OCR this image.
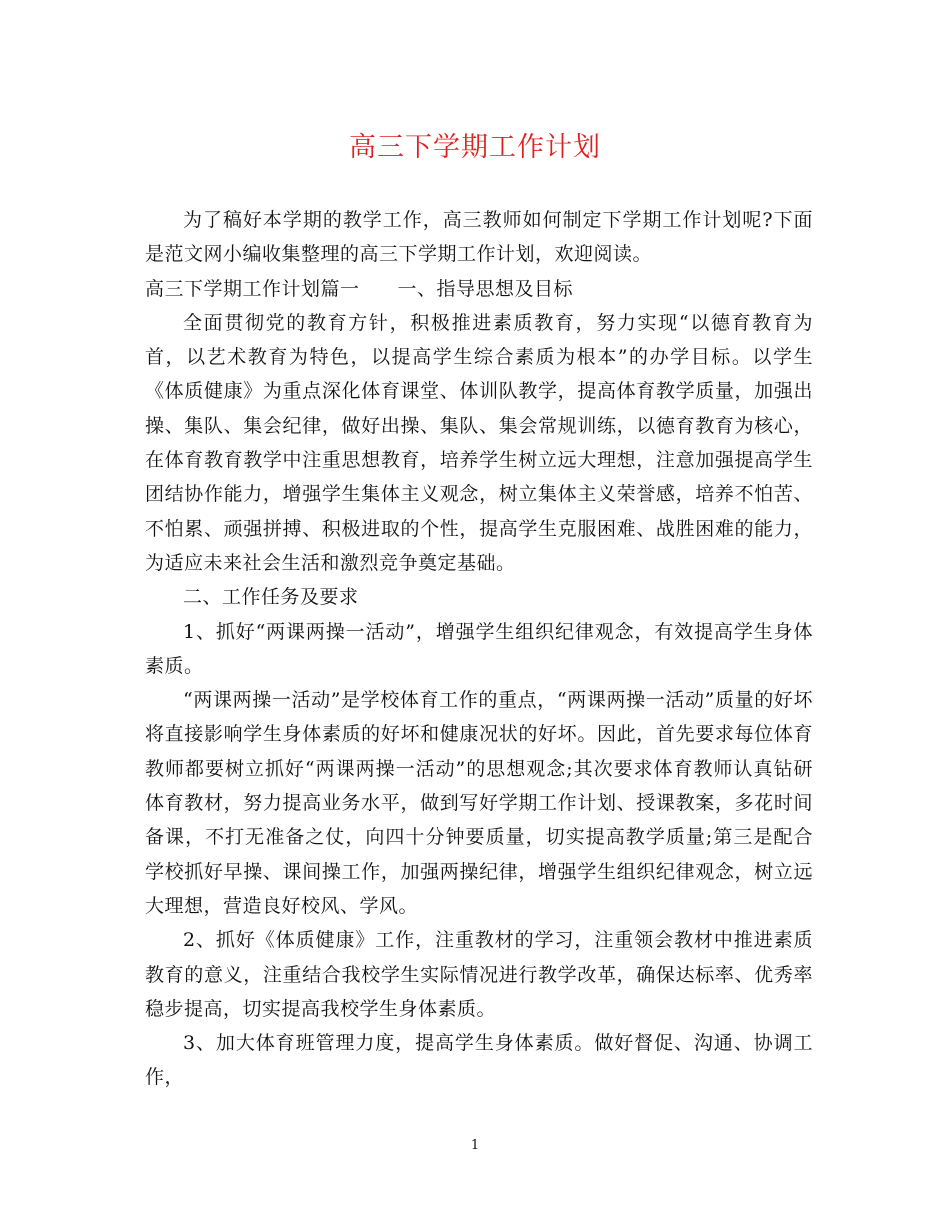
高三下学期工作计划

为了稿好本学期的教学工作，高三教师如何制定下学期工作计划呢?下面是范文网小编收集整理的高三下学期工作计划，欢迎阅读。

高三下学期工作计划篇一 一、指导思想及目标

全面贯彻党的教育方针，积极推进素质教育，努力实现“以德育教育为首，以艺术教育为特色，以提高学生综合素质为根本”的办学目标。以学生《体质健康》为重点深化体育课堂、体训队教学，提高体育教学质量，加强出操、集队、集会纪律，做好出操、集队、集会常规训练，以德育教育为核心，在体育教育教学中注重思想教育，培养学生树立远大理想，注意加强提高学生团结协作能力，增强学生集体主义观念，树立集体主义荣誉感，培养不怕苦、不怕累、顽强拼搏、积极进取的个性，提高学生克服困难、战胜困难的能力，为适应未来社会生活和激烈竞争奠定基础。

二、工作任务及要求

1、抓好“两课两操一活动”，增强学生组织纪律观念，有效提高学生身体素质。

“两课两操一活动”是学校体育工作的重点，“两课两操一活动”质量的好坏将直接影响学生身体素质的好坏和健康况状的好坏。因此，首先要求每位体育教师都要树立抓好“两课两操一活动”的思想观念;其次要求体育教师认真钻研体育教材，努力提高业务水平，做到写好学期工作计划、授课教案，多花时间备课，不打无准备之仗，向四十分钟要质量，切实提高教学质量;第三是配合学校抓好早操、课间操工作，加强两操纪律，增强学生组织纪律观念，树立远大理想，营造良好校风、学风。

2、抓好《体质健康》工作，注重教材的学习，注重领会教材中推进素质教育的意义，注重结合我校学生实际情况进行教学改革，确保达标率、优秀率稳步提高，切实提高我校学生身体素质。

3、加大体育班管理力度，提高学生身体素质。做好督促、沟通、协调工作，

1
